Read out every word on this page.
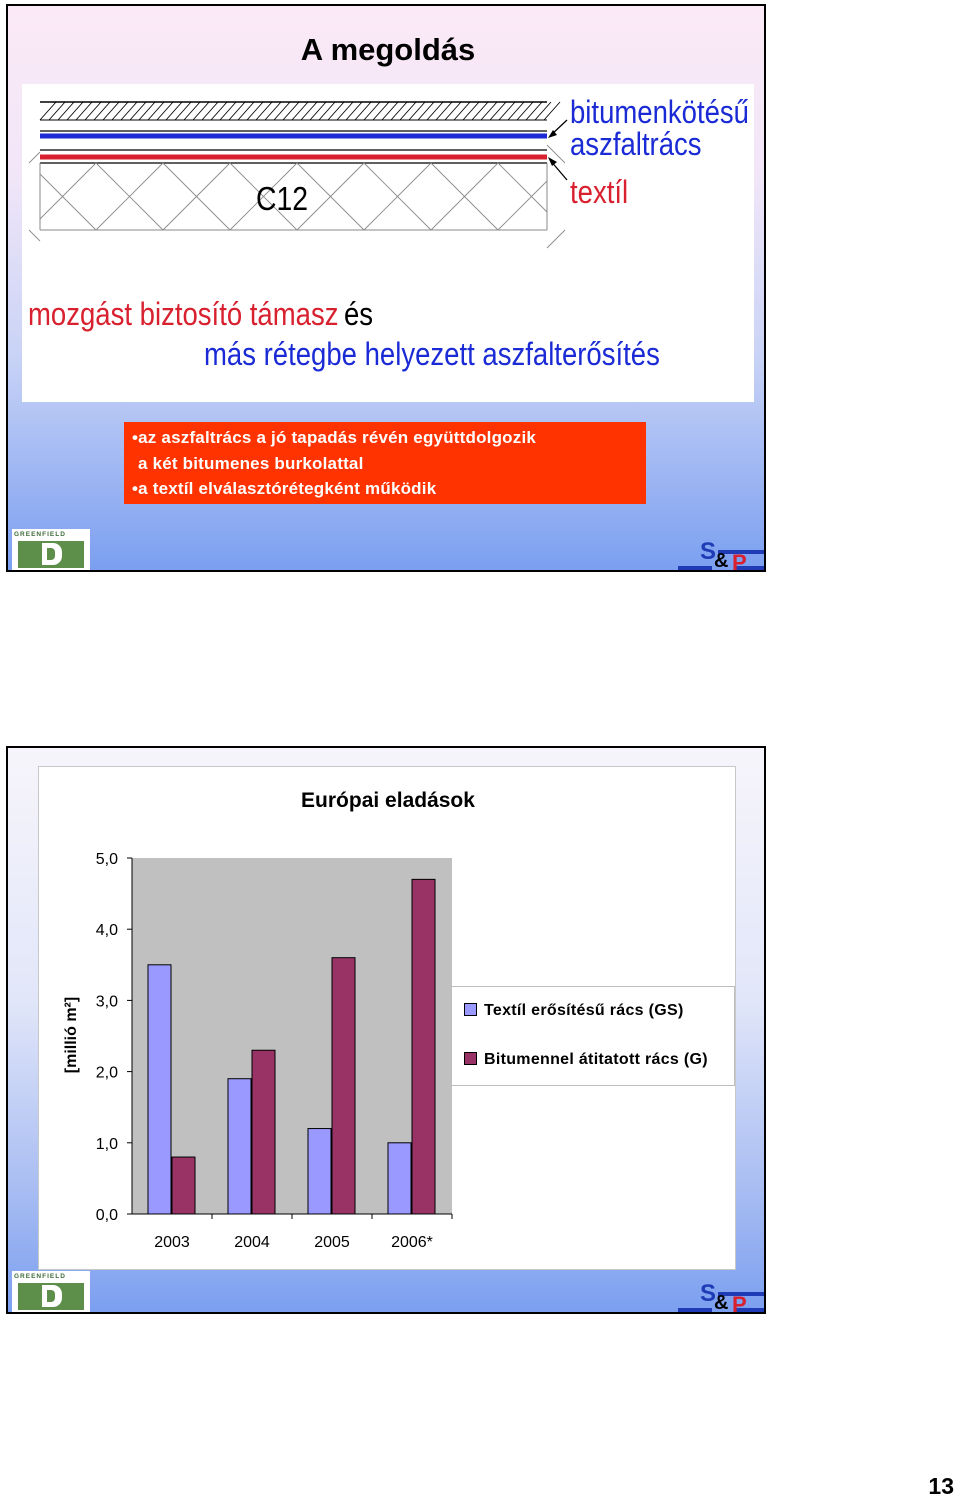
A megoldás
bitumenkötésű
aszfaltrács
textíl
C12
mozgást biztosító támasz és
más rétegbe helyezett aszfalterősítés
•az aszfaltrács a jó tapadás révén együttdolgozik
a két bitumenes burkolattal
•a textíl elválasztórétegként működik
GREENFIELD
S
& P
Európai eladások
0,0
1,0
2,0
3,0
4,0
5,0
2003	2004	2005	2006*
[millió m²]	Textíl erősítésű rács (GS)
Bitumennel átitatott rács (G)
GREENFIELD
S
& P
13
